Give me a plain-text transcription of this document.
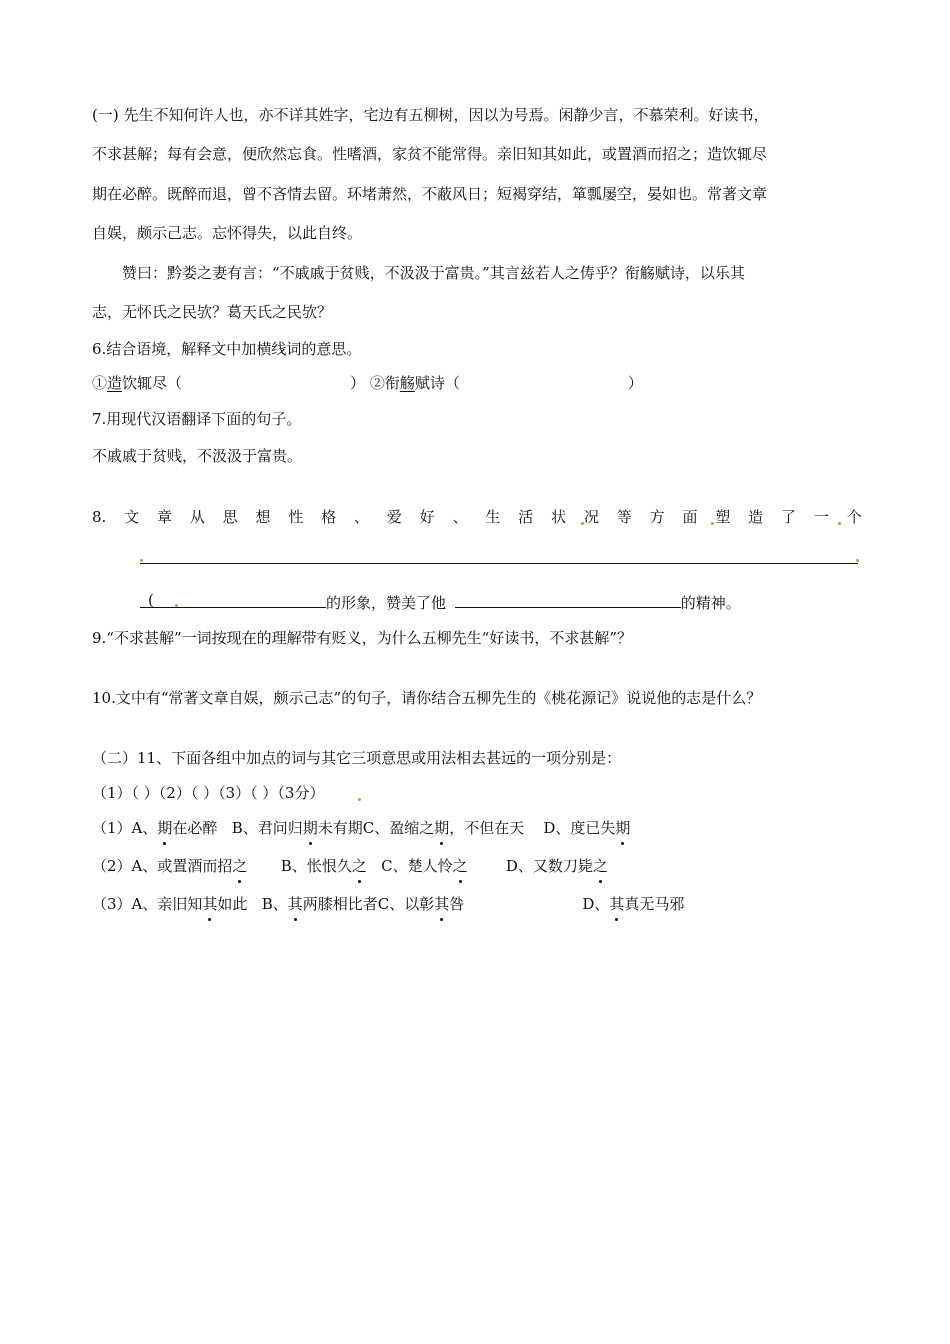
(一) 先生不知何许人也，亦不详其姓字，宅边有五柳树，因以为号焉。闲静少言，不慕荣利。好读书，
不求甚解；每有会意，便欣然忘食。性嗜酒，家贫不能常得。亲旧知其如此，或置酒而招之；造饮辄尽
期在必醉。既醉而退，曾不吝情去留。环堵萧然，不蔽风日；短褐穿结，箪瓢屡空，晏如也。常著文章
自娱，颇示己志。忘怀得失，以此自终。
赞曰：黔娄之妻有言：“不戚戚于贫贱，不汲汲于富贵。”其言兹若人之俦乎？衔觞赋诗，以乐其
志，无怀氏之民欤？葛天氏之民欤？
6.结合语境，解释文中加横线词的意思。
①造饮辄尽（	） ②衔觞赋诗（	）
7.用现代汉语翻译下面的句子。
不戚戚于贫贱，不汲汲于富贵。
8. 文 章 从 思 想 性 格 、 爱 好 、 生 活 状 况 等 方 面 塑 造 了 一 个
(	的形象，赞美了他	的精神。
9.“不求甚解”一词按现在的理解带有贬义，为什么五柳先生“好读书，不求甚解”？
10.文中有“常著文章自娱，颇示己志”的句子，请你结合五柳先生的《桃花源记》说说他的志是什么？
（二）11、下面各组中加点的词与其它三项意思或用法相去甚远的一项分别是：
（1）（ ）（2）（ ）（3）（ ）（3分）
（1）A、期在必醉 B、君问归期未有期C、盈缩之期，不但在天 D、度已失期
（2）A、或置酒而招之 B、怅恨久之 C、楚人怜之	D、又数刀毙之
（3）A、亲旧知其如此 B、其两膝相比者C、以彰其咎	D、其真无马邪
